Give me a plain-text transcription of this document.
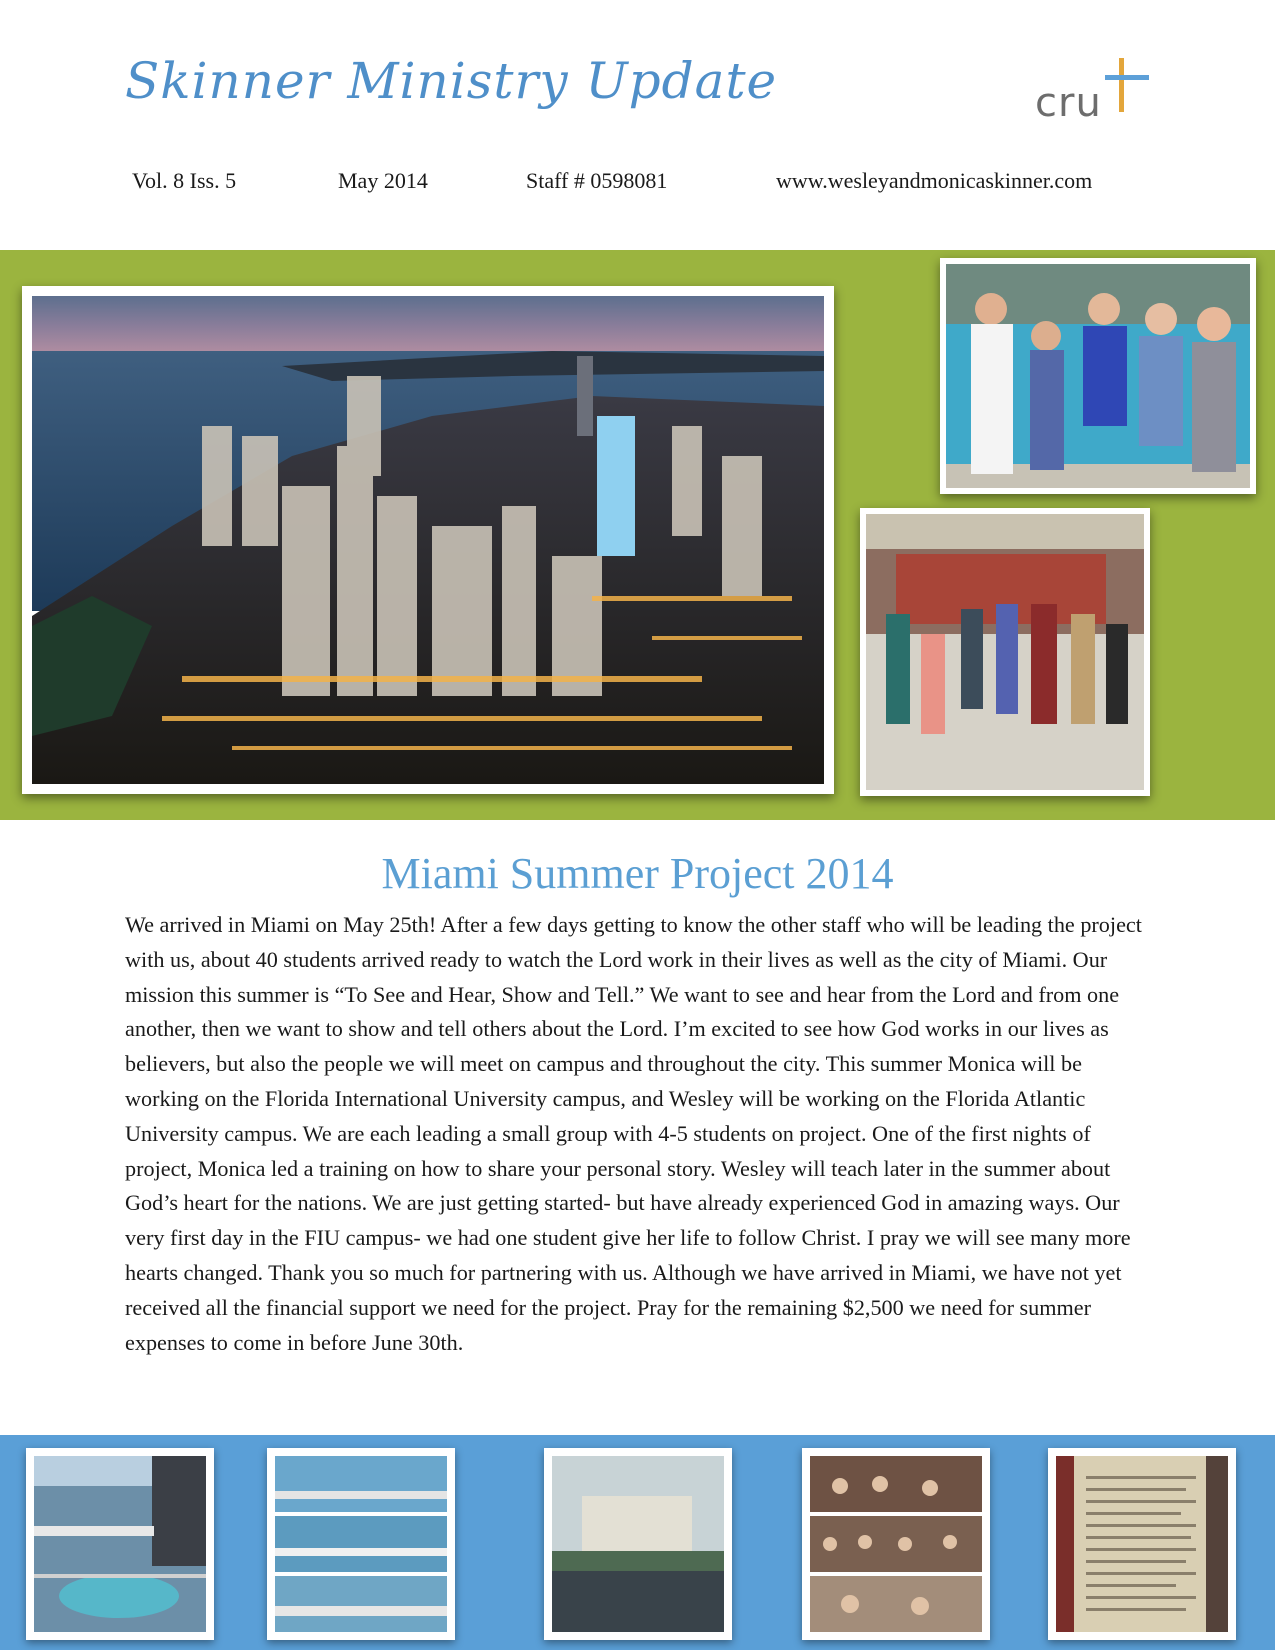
Skinner Ministry Update	cru
Vol. 8 Iss. 5	May 2014	Staff # 0598081	www.wesleyandmonicaskinner.com
Miami Summer Project 2014
We arrived in Miami on May 25th! After a few days getting to know the other staff who will be leading the project with us, about 40 students arrived ready to watch the Lord work in their lives as well as the city of Miami. Our mission this summer is “To See and Hear, Show and Tell.” We want to see and hear from the Lord and from one another, then we want to show and tell others about the Lord. I’m excited to see how God works in our lives as believers, but also the people we will meet on campus and throughout the city. This summer Monica will be working on the Florida International University campus, and Wesley will be working on the Florida Atlantic University campus. We are each leading a small group with 4-5 students on project. One of the first nights of project, Monica led a training on how to share your personal story. Wesley will teach later in the summer about God’s heart for the nations. We are just getting started- but have already experienced God in amazing ways. Our very first day in the FIU campus- we had one student give her life to follow Christ. I pray we will see many more hearts changed. Thank you so much for partnering with us. Although we have arrived in Miami, we have not yet received all the financial support we need for the project. Pray for the remaining $2,500 we need for summer expenses to come in before June 30th.
